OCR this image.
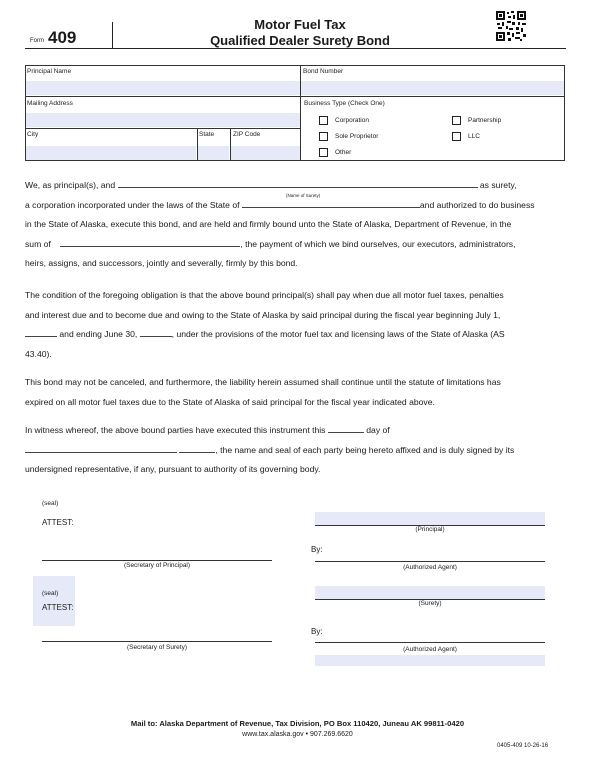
Form 409
Motor Fuel Tax
Qualified Dealer Surety Bond
Principal Name
Mailing Address
City	State	ZIP Code
Bond Number
Business Type (Check One)
Corporation
Sole Proprietor
Other
Partnership
LLC
We, as principal(s), and	as surety,
a corporation incorporated under the laws of the State of	and authorized to do business
in the State of Alaska, execute this bond, and are held and firmly bound unto the State of Alaska, Department of Revenue, in the
sum of	, the payment of which we bind ourselves, our executors, administrators,
heirs, assigns, and successors, jointly and severally, firmly by this bond.
(Name of Surety)
The condition of the foregoing obligation is that the above bound principal(s) shall pay when due all motor fuel taxes, penalties
and interest due and to become due and owing to the State of Alaska by said principal during the fiscal year beginning July 1,
and ending June 30,	, under the provisions of the motor fuel tax and licensing laws of the State of Alaska (AS
43.40).
This bond may not be canceled, and furthermore, the liability herein assumed shall continue until the statute of limitations has
expired on all motor fuel taxes due to the State of Alaska of said principal for the fiscal year indicated above.
In witness whereof, the above bound parties have executed this instrument this	day of
, the name and seal of each party being hereto affixed and is duly signed by its
undersigned representative, if any, pursuant to authority of its governing body.
(seal)
ATTEST:
(Secretary of Principal)
(seal)
ATTEST:
(Secretary of Surety)
(Principal)
By:
(Authorized Agent)
(Surety)
By:
(Authorized Agent)
Mail to: Alaska Department of Revenue, Tax Division, PO Box 110420, Juneau AK 99811-0420
www.tax.alaska.gov • 907.269.6620
0405-409 10-26-16
